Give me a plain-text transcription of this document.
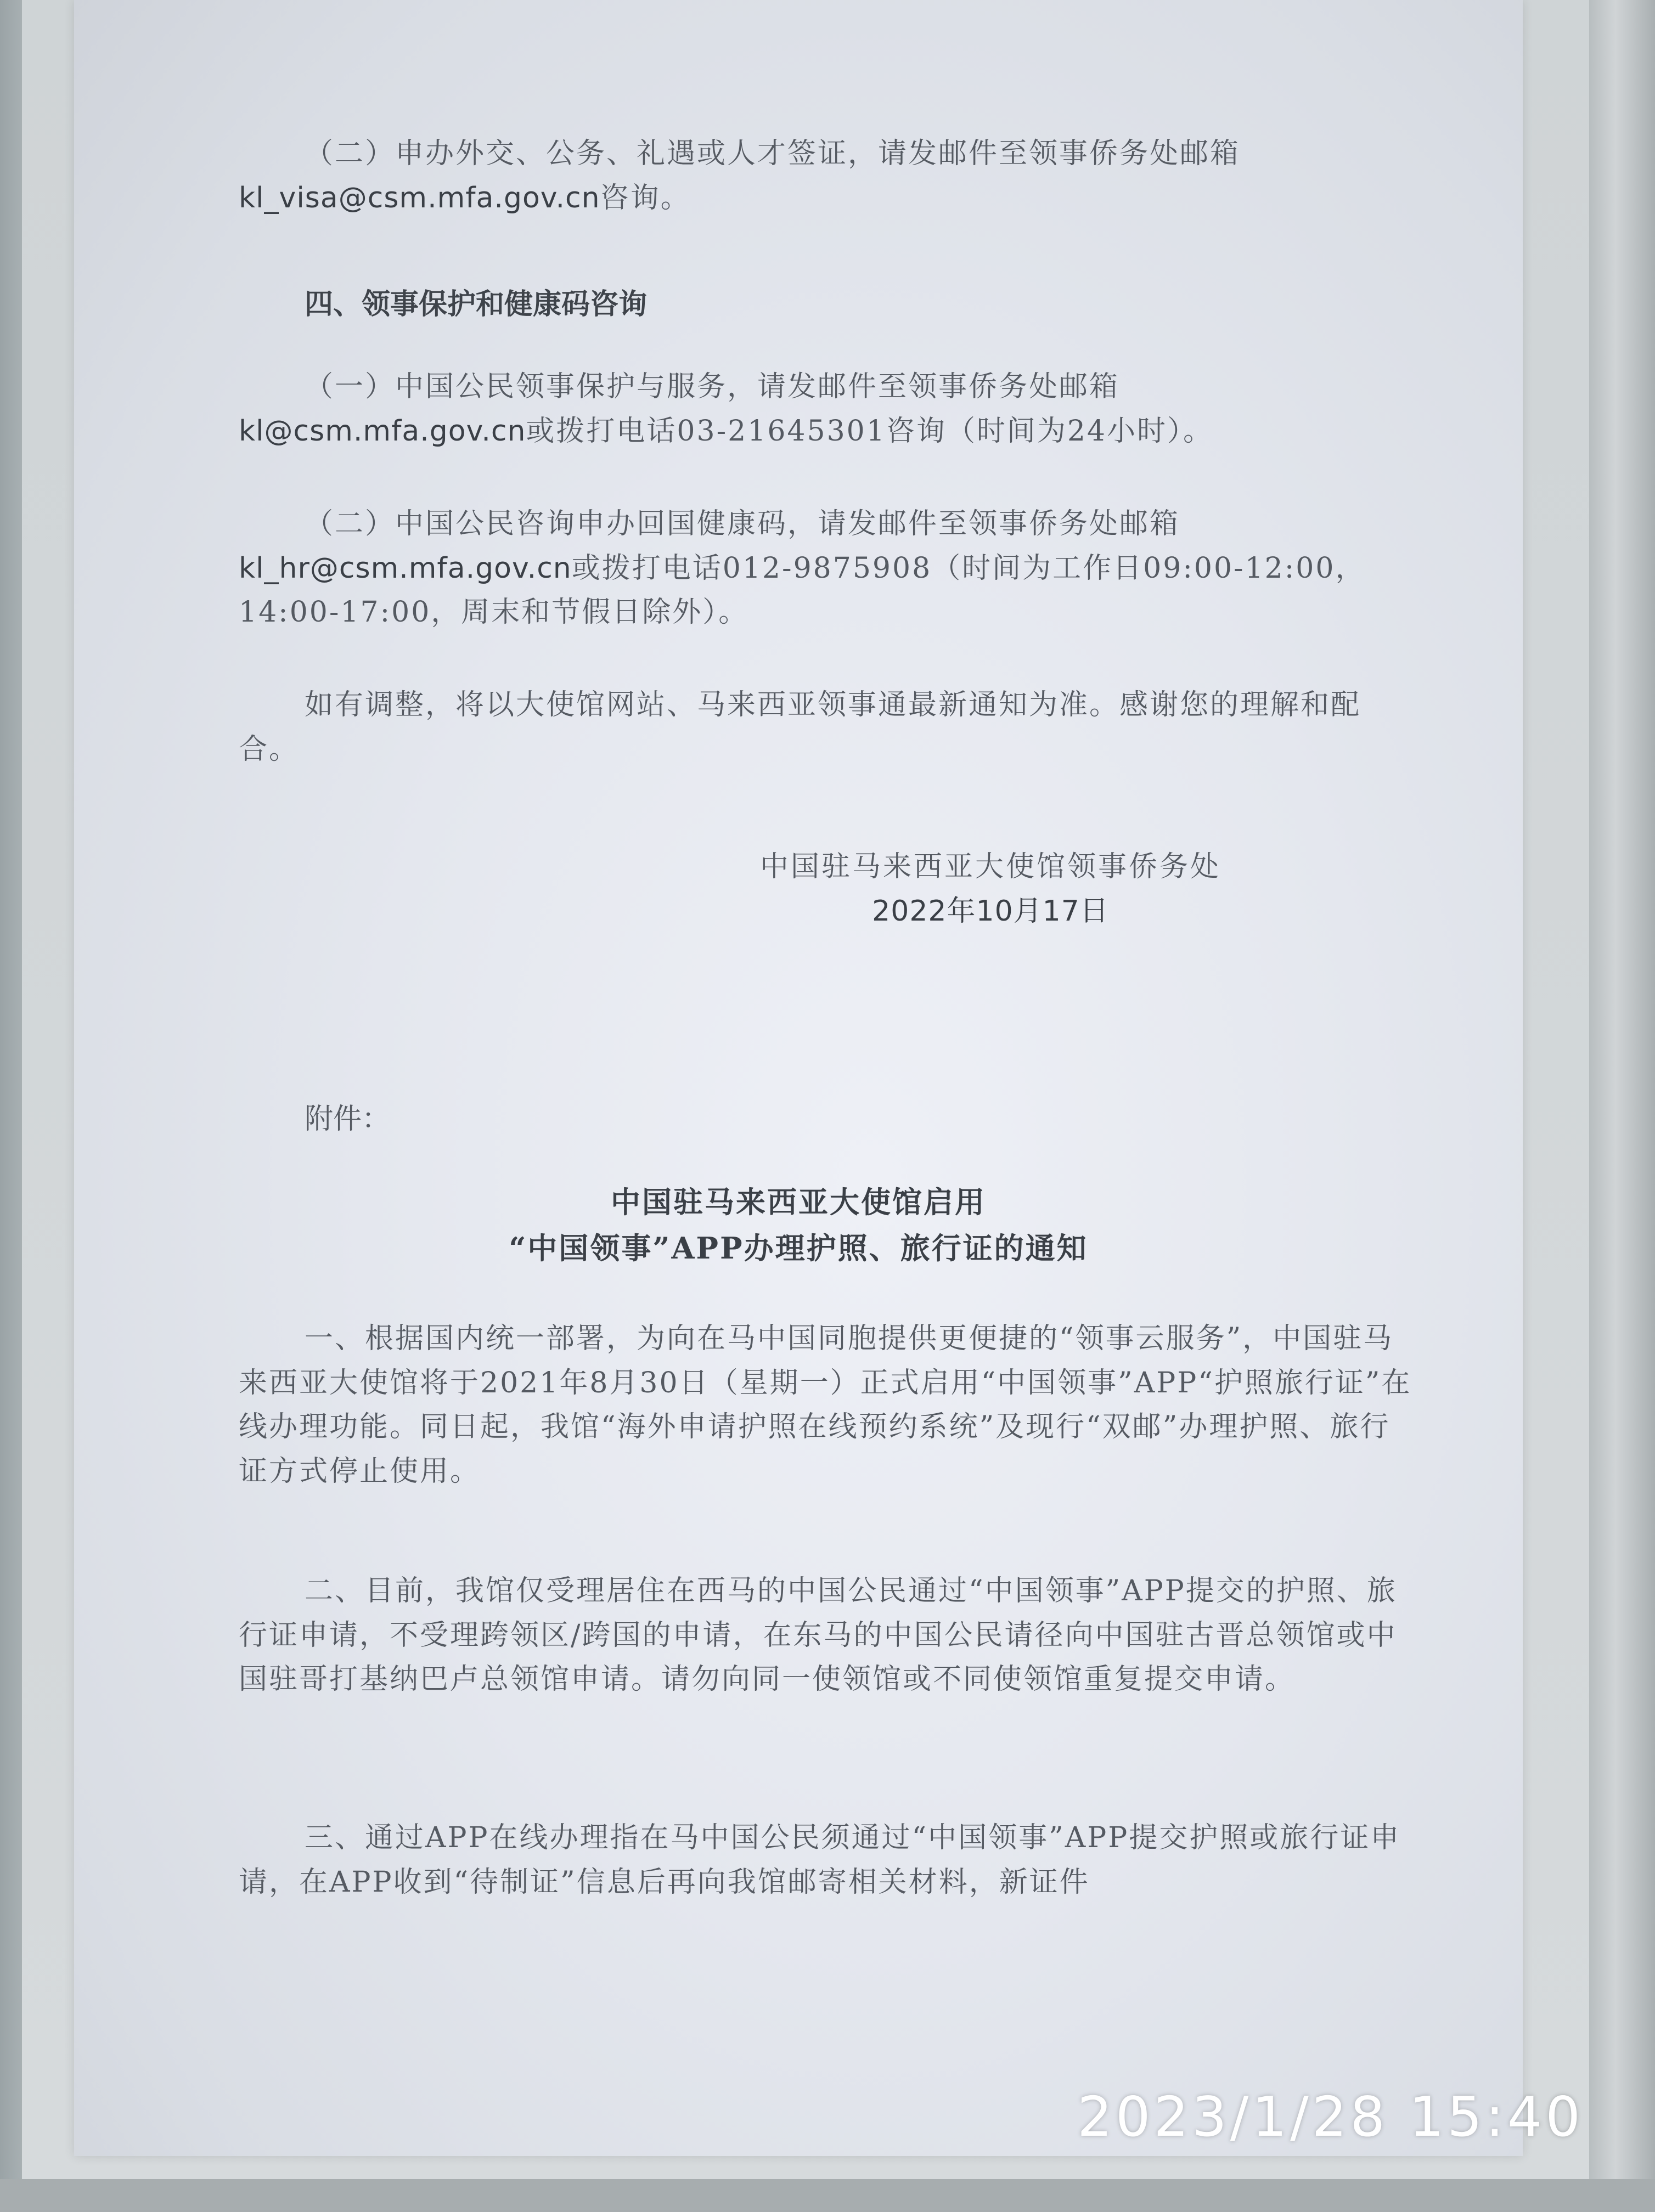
（二）申办外交、公务、礼遇或人才签证，请发邮件至领事侨务处邮箱
kl_visa@csm.mfa.gov.cn咨询。

四、领事保护和健康码咨询

（一）中国公民领事保护与服务，请发邮件至领事侨务处邮箱
kl@csm.mfa.gov.cn或拨打电话03-21645301咨询（时间为24小时）。

（二）中国公民咨询申办回国健康码，请发邮件至领事侨务处邮箱
kl_hr@csm.mfa.gov.cn或拨打电话012-9875908（时间为工作日09:00-12:00，14:00-17:00，周末和节假日除外）。

如有调整，将以大使馆网站、马来西亚领事通最新通知为准。感谢您的理解和配合。

中国驻马来西亚大使馆领事侨务处
2022年10月17日

附件：

中国驻马来西亚大使馆启用
“中国领事”APP办理护照、旅行证的通知

一、根据国内统一部署，为向在马中国同胞提供更便捷的“领事云服务”，中国驻马来西亚大使馆将于2021年8月30日（星期一）正式启用“中国领事”APP“护照旅行证”在线办理功能。同日起，我馆“海外申请护照在线预约系统”及现行“双邮”办理护照、旅行证方式停止使用。

二、目前，我馆仅受理居住在西马的中国公民通过“中国领事”APP提交的护照、旅行证申请，不受理跨领区/跨国的申请，在东马的中国公民请径向中国驻古晋总领馆或中国驻哥打基纳巴卢总领馆申请。请勿向同一使领馆或不同使领馆重复提交申请。

三、通过APP在线办理指在马中国公民须通过“中国领事”APP提交护照或旅行证申请，在APP收到“待制证”信息后再向我馆邮寄相关材料，新证件

2023/1/28 15:40
